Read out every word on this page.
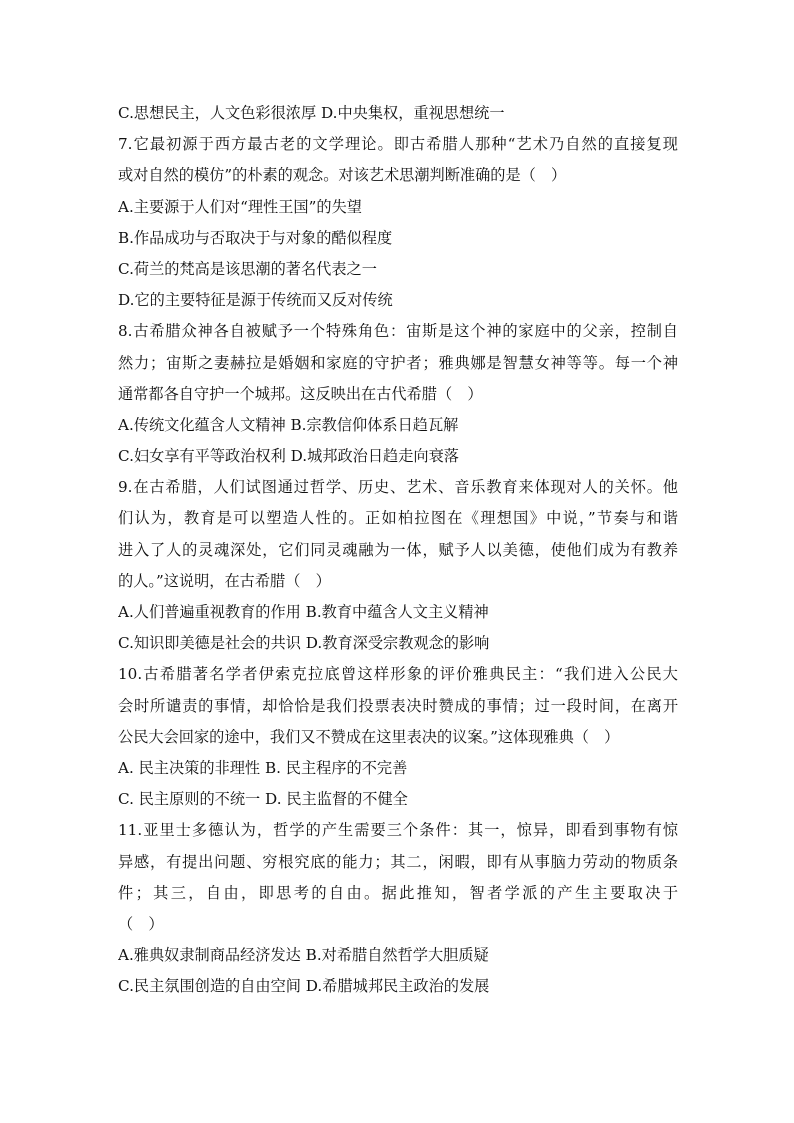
C.思想民主，人文色彩很浓厚 D.中央集权，重视思想统一
7.它最初源于西方最古老的文学理论。即古希腊人那种“艺术乃自然的直接复现
或对自然的模仿”的朴素的观念。对该艺术思潮判断准确的是（　）
A.主要源于人们对“理性王国”的失望
B.作品成功与否取决于与对象的酷似程度
C.荷兰的梵高是该思潮的著名代表之一
D.它的主要特征是源于传统而又反对传统
8.古希腊众神各自被赋予一个特殊角色：宙斯是这个神的家庭中的父亲，控制自
然力；宙斯之妻赫拉是婚姻和家庭的守护者；雅典娜是智慧女神等等。每一个神
通常都各自守护一个城邦。这反映出在古代希腊（　）
A.传统文化蕴含人文精神 B.宗教信仰体系日趋瓦解
C.妇女享有平等政治权利 D.城邦政治日趋走向衰落
9.在古希腊，人们试图通过哲学、历史、艺术、音乐教育来体现对人的关怀。他
们认为，教育是可以塑造人性的。正如柏拉图在《理想国》中说，”节奏与和谐
进入了人的灵魂深处，它们同灵魂融为一体，赋予人以美德，使他们成为有教养
的人。”这说明，在古希腊（　）
A.人们普遍重视教育的作用 B.教育中蕴含人文主义精神
C.知识即美德是社会的共识 D.教育深受宗教观念的影响
10.古希腊著名学者伊索克拉底曾这样形象的评价雅典民主：“我们进入公民大
会时所谴责的事情，却恰恰是我们投票表决时赞成的事情；过一段时间，在离开
公民大会回家的途中，我们又不赞成在这里表决的议案。”这体现雅典（　）
A. 民主决策的非理性 B. 民主程序的不完善
C. 民主原则的不统一 D. 民主监督的不健全
11.亚里士多德认为，哲学的产生需要三个条件：其一，惊异，即看到事物有惊
异感，有提出问题、穷根究底的能力；其二，闲暇，即有从事脑力劳动的物质条
件；其三，自由，即思考的自由。据此推知，智者学派的产生主要取决于
（　）
A.雅典奴隶制商品经济发达 B.对希腊自然哲学大胆质疑
C.民主氛围创造的自由空间 D.希腊城邦民主政治的发展
